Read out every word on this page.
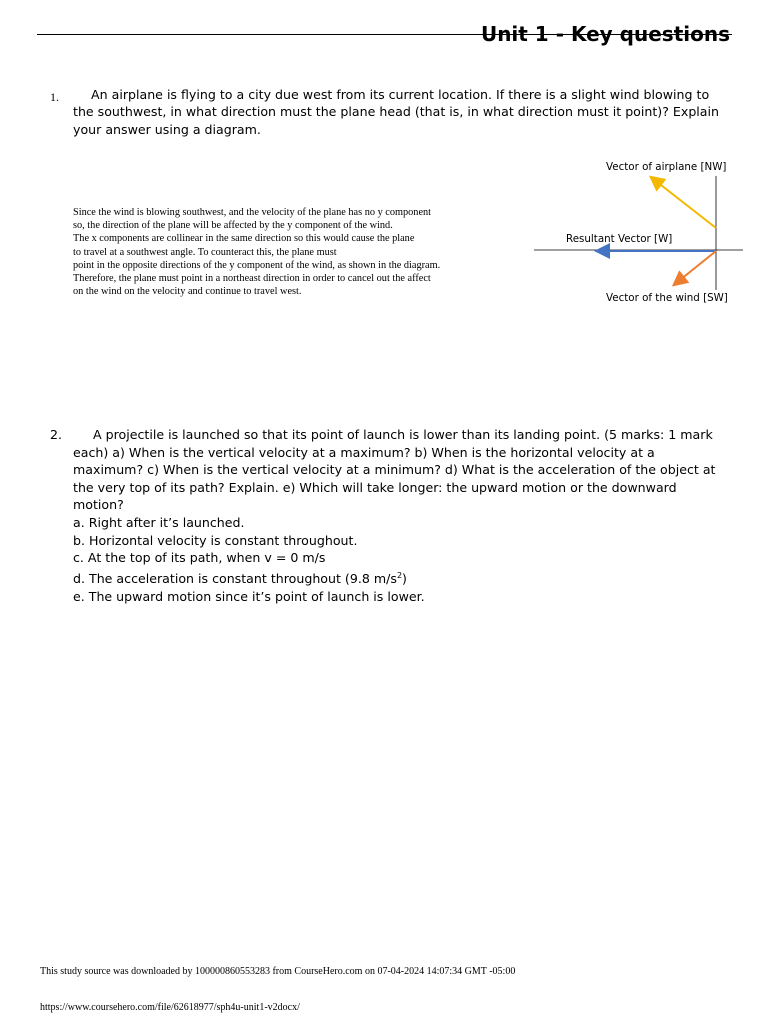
Unit 1 - Key questions
1.	An airplane is flying to a city due west from its current location. If there is a slight wind blowing to the southwest, in what direction must the plane head (that is, in what direction must it point)? Explain your answer using a diagram.
Since the wind is blowing southwest, and the velocity of the plane has no y component
so, the direction of the plane will be affected by the y component of the wind.
The x components are collinear in the same direction so this would cause the plane
to travel at a southwest angle. To counteract this, the plane must
point in the opposite directions of the y component of the wind, as shown in the diagram.
Therefore, the plane must point in a northeast direction in order to cancel out the affect
on the wind on the velocity and continue to travel west.
Vector of airplane [NW]
Resultant Vector [W]
Vector of the wind [SW]
2.	A projectile is launched so that its point of launch is lower than its landing point. (5 marks: 1 mark each) a) When is the vertical velocity at a maximum? b) When is the horizontal velocity at a maximum? c) When is the vertical velocity at a minimum? d) What is the acceleration of the object at the very top of its path? Explain. e) Which will take longer: the upward motion or the downward motion?
a. Right after it’s launched.
b. Horizontal velocity is constant throughout.
c. At the top of its path, when v = 0 m/s
d. The acceleration is constant throughout (9.8 $m/s^2$)
e. The upward motion since it’s point of launch is lower.
This study source was downloaded by 100000860553283 from CourseHero.com on 07-04-2024 14:07:34 GMT -05:00
https://www.coursehero.com/file/62618977/sph4u-unit1-v2docx/
